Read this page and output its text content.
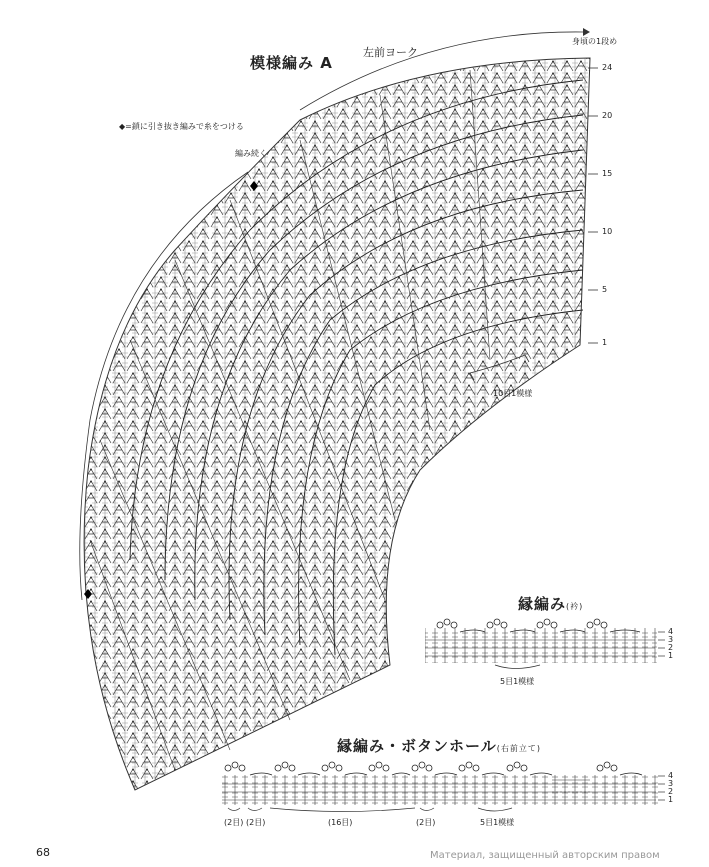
模様編み A
左前ヨーク
身頃の1段め
◆=鎖に引き抜き編みで糸をつける
編み続く
10目1模様
24
20
15
10
5
1
縁編み(衿)
5目1模様
4
3
2
1
縁編み・ボタンホール(右前立て)
(2目) (2目)	(16目)	(2目)	5目1模様
4
3
2
1
68	Материал, защищенный авторским правом
